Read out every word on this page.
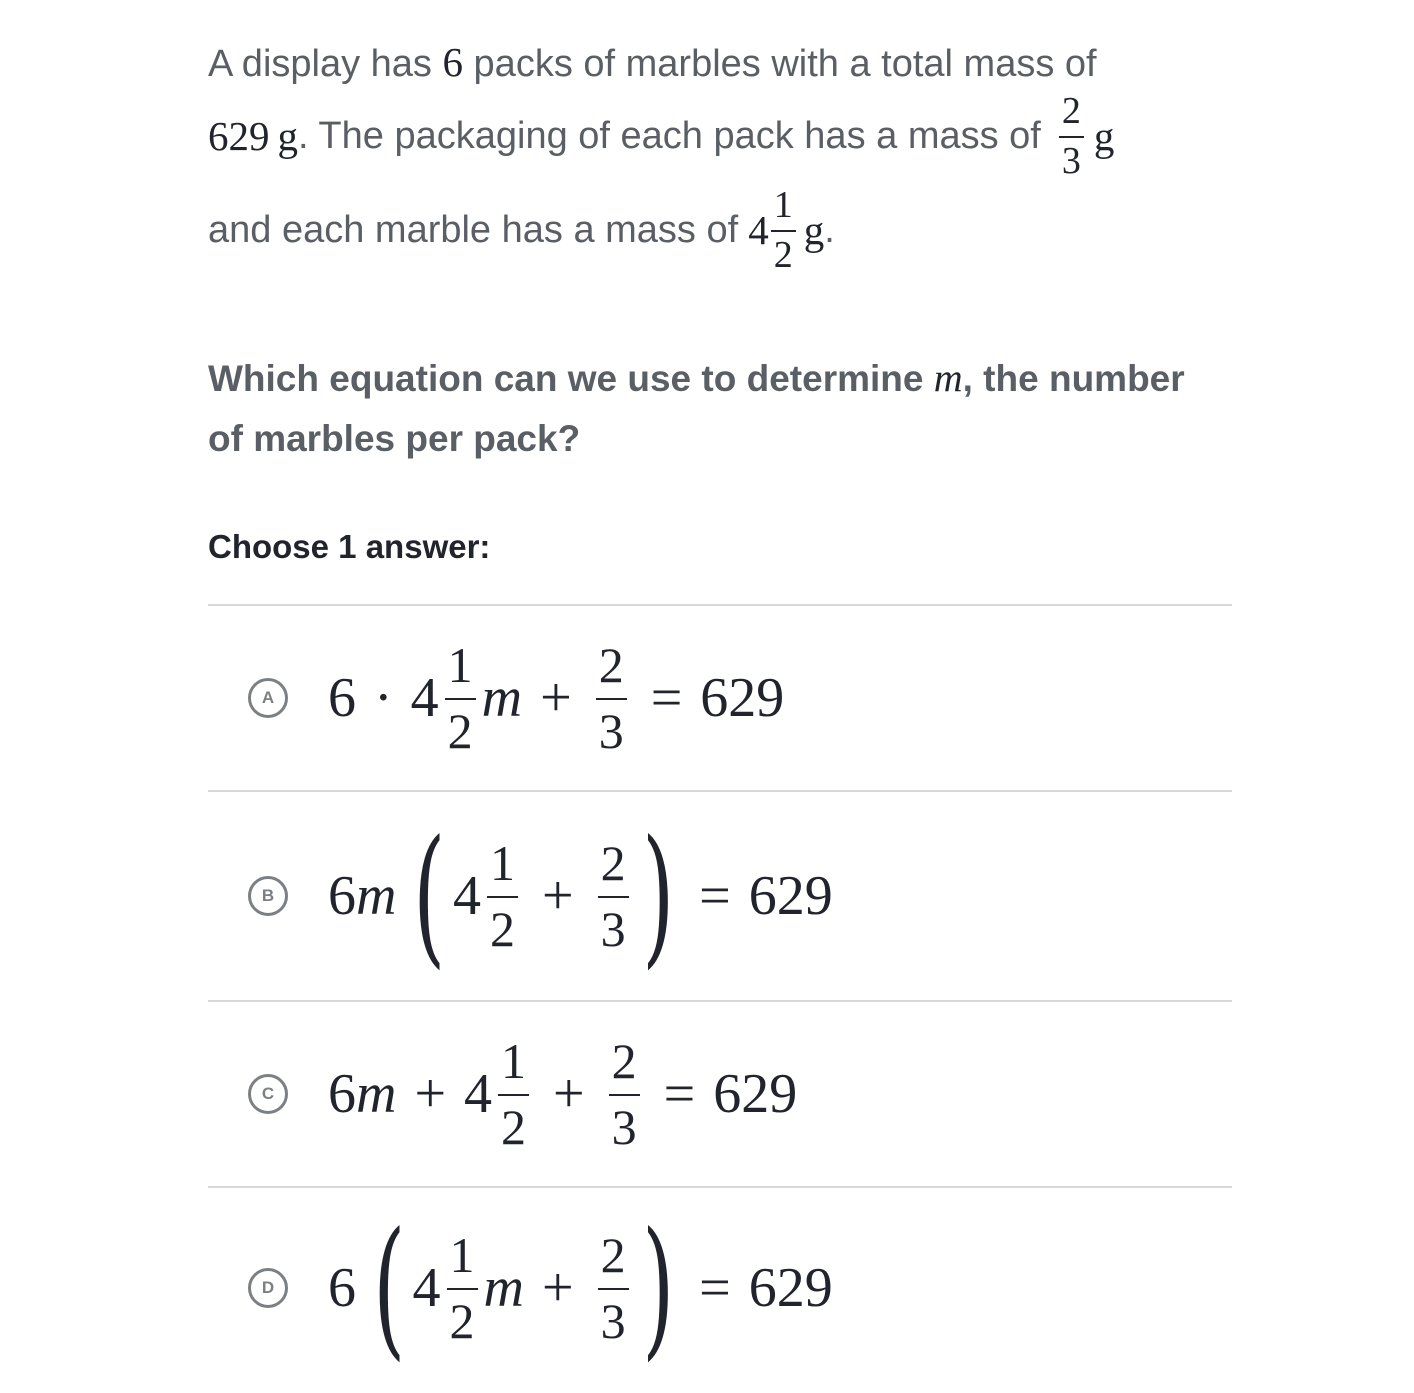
A display has 6 packs of marbles with a total mass of
629 g . The packaging of each pack has a mass of $\frac{2}{3}$ g
and each marble has a mass of $4 \frac{1}{2}$ g .
Which equation can we use to determine m, the number of marbles per pack?
Choose 1 answer:
A $6 \cdot 4 \frac{1}{2}$ $m + \frac{2}{3} = 629$
B 6 m ( $4 \frac{1}{2} + \frac{2}{3}$ ) = 629
C 6 $m + 4 \frac{1}{2} + \frac{2}{3} = 629$
D 6 ( $4 \frac{1}{2}$ $m + \frac{2}{3}$ ) = 629
